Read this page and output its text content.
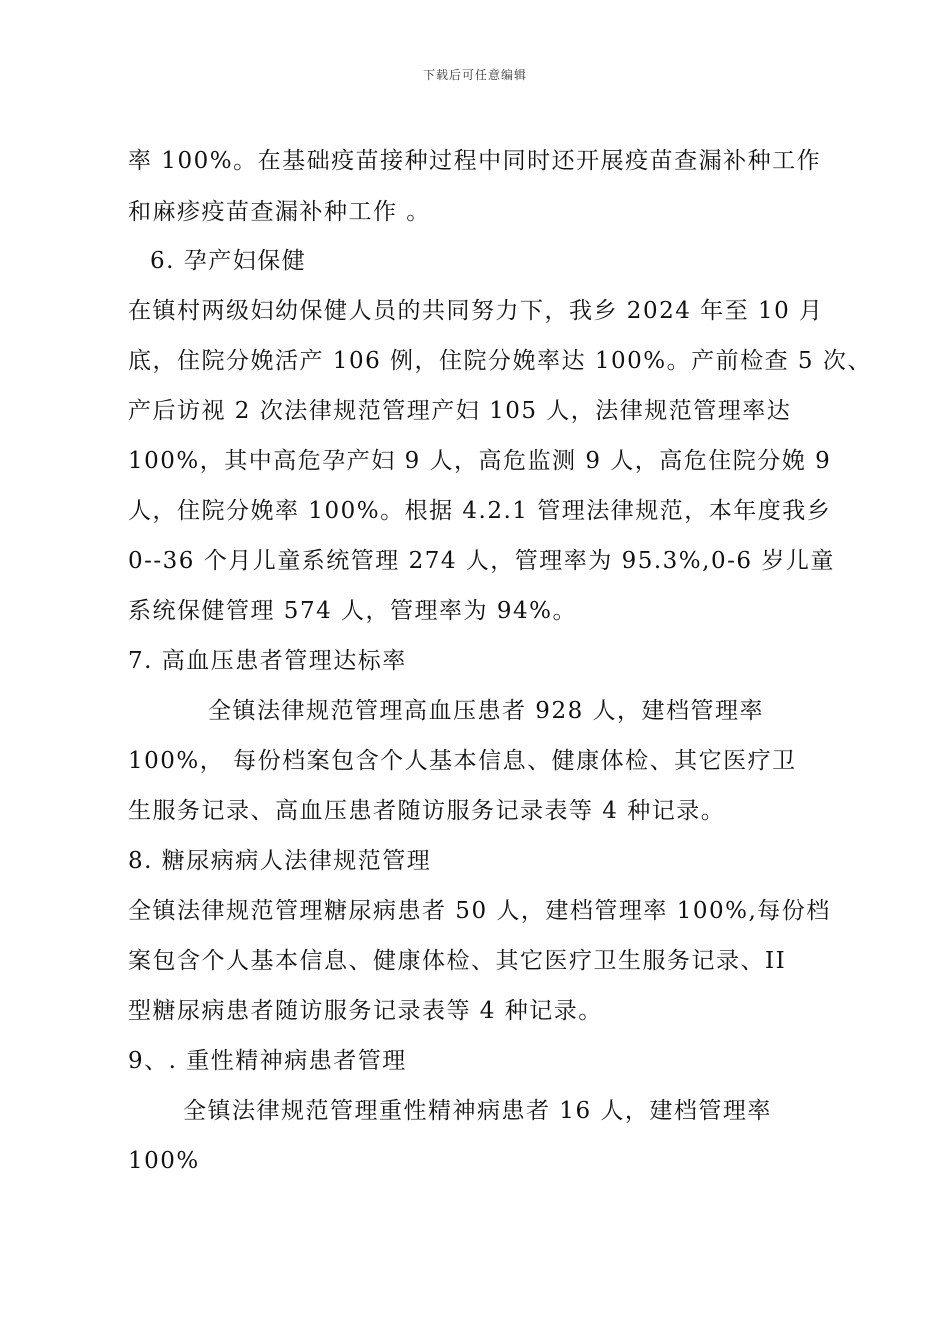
下载后可任意编辑
率 100%。在基础疫苗接种过程中同时还开展疫苗查漏补种工作
和麻疹疫苗查漏补种工作 。
6. 孕产妇保健
在镇村两级妇幼保健人员的共同努力下，我乡 2024 年至 10 月
底，住院分娩活产 106 例，住院分娩率达 100%。产前检查 5 次、
产后访视 2 次法律规范管理产妇 105 人，法律规范管理率达
100%，其中高危孕产妇 9 人，高危监测 9 人，高危住院分娩 9
人，住院分娩率 100%。根据 4.2.1 管理法律规范，本年度我乡
0--36 个月儿童系统管理 274 人，管理率为 95.3%,0-6 岁儿童
系统保健管理 574 人，管理率为 94%。
7. 高血压患者管理达标率
全镇法律规范管理高血压患者 928 人，建档管理率
100%， 每份档案包含个人基本信息、健康体检、其它医疗卫
生服务记录、高血压患者随访服务记录表等 4 种记录。
8. 糖尿病病人法律规范管理
全镇法律规范管理糖尿病患者 50 人，建档管理率 100%,每份档
案包含个人基本信息、健康体检、其它医疗卫生服务记录、II
型糖尿病患者随访服务记录表等 4 种记录。
9、. 重性精神病患者管理
全镇法律规范管理重性精神病患者 16 人，建档管理率
100%
